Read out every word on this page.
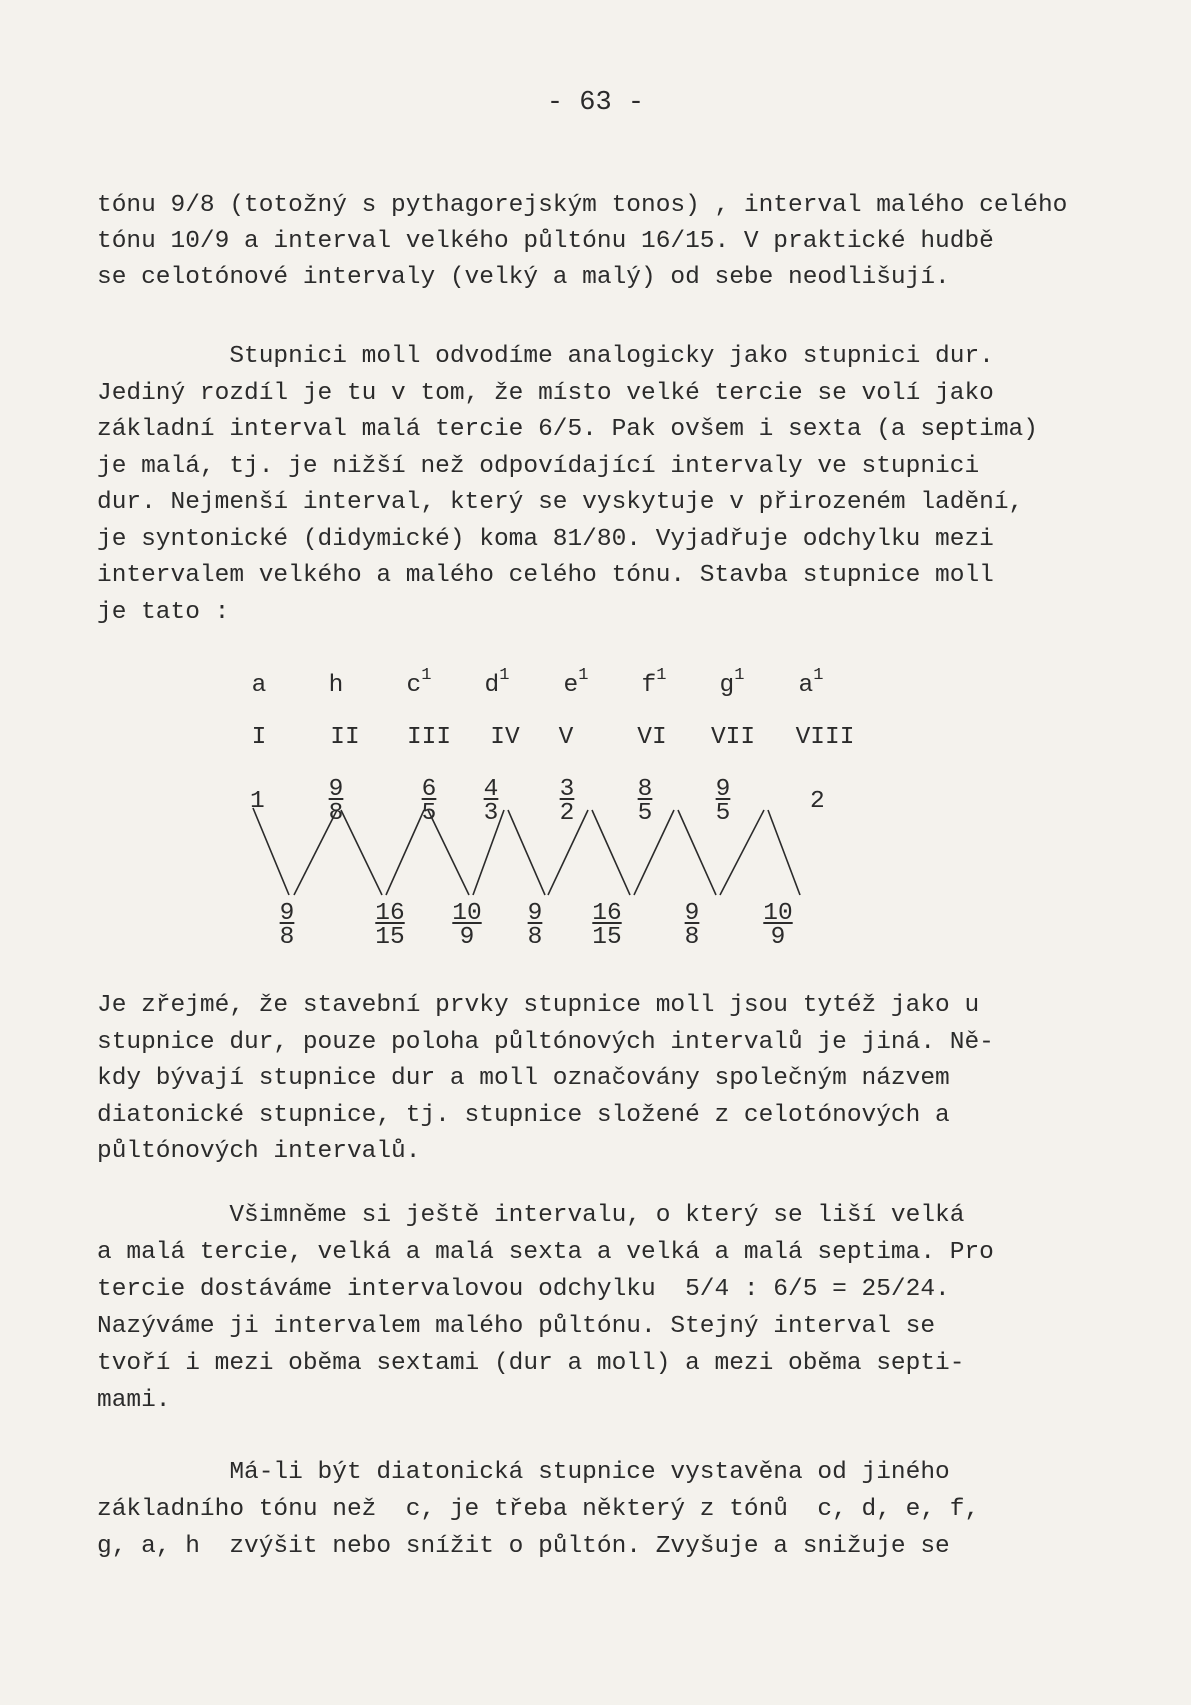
- 63 -
tónu 9/8 (totožný s pythagorejským tonos) , interval malého celého
tónu 10/9 a interval velkého půltónu 16/15. V praktické hudbě
se celotónové intervaly (velký a malý) od sebe neodlišují.
Stupnici moll odvodíme analogicky jako stupnici dur.
Jediný rozdíl je tu v tom, že místo velké tercie se volí jako
základní interval malá tercie 6/5. Pak ovšem i sexta (a septima)
je malá, tj. je nižší než odpovídající intervaly ve stupnici
dur. Nejmenší interval, který se vyskytuje v přirozeném ladění,
je syntonické (didymické) koma 81/80. Vyjadřuje odchylku mezi
intervalem velkého a malého celého tónu. Stavba stupnice moll
je tato :
a	h	$c^1$	$d^1$	$e^1$	$f^1$	$g^1$	$a^1$
I	II	III	IV	V	VI	VII	VIII
$1 \frac{9}{8} \frac{6}{5} \frac{4}{3} \frac{3}{2} \frac{8}{5} \frac{9}{5}$	2
$\frac{9}{8} \frac{16}{15} \frac{10}{9} \frac{9}{8} \frac{16}{15} \frac{9}{8} \frac{10}{9}$
Je zřejmé, že stavební prvky stupnice moll jsou tytéž jako u
stupnice dur, pouze poloha půltónových intervalů je jiná. Ně-
kdy bývají stupnice dur a moll označovány společným názvem
diatonické stupnice, tj. stupnice složené z celotónových a
půltónových intervalů.
Všimněme si ještě intervalu, o který se liší velká
a malá tercie, velká a malá sexta a velká a malá septima. Pro
tercie dostáváme intervalovou odchylku  5/4 : 6/5 = 25/24.
Nazýváme ji intervalem malého půltónu. Stejný interval se
tvoří i mezi oběma sextami (dur a moll) a mezi oběma septi-
mami.
Má-li být diatonická stupnice vystavěna od jiného
základního tónu než  c, je třeba některý z tónů  c, d, e, f,
g, a, h  zvýšit nebo snížit o půltón. Zvyšuje a snižuje se
